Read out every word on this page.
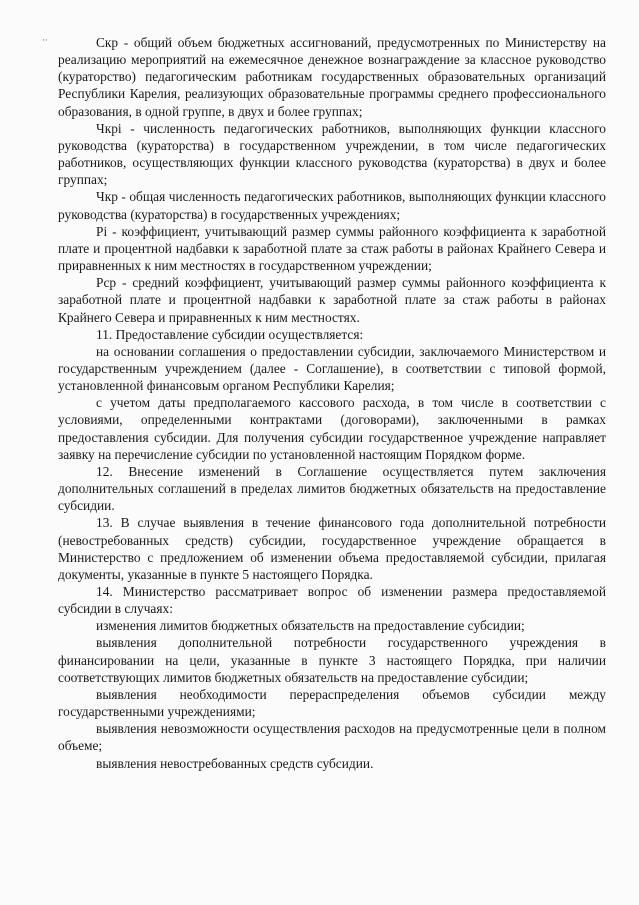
··	Скр - общий объем бюджетных ассигнований, предусмотренных по Министерству на реализацию мероприятий на ежемесячное денежное вознаграждение за классное руководство (кураторство) педагогическим работникам государственных образовательных организаций Республики Карелия, реализующих образовательные программы среднего профессионального образования, в одной группе, в двух и более группах;

Чкрі - численность педагогических работников, выполняющих функции классного руководства (кураторства) в государственном учреждении, в том числе педагогических работников, осуществляющих функции классного руководства (кураторства) в двух и более группах;

Чкр - общая численность педагогических работников, выполняющих функции классного руководства (кураторства) в государственных учреждениях;

Рі - коэффициент, учитывающий размер суммы районного коэффициента к заработной плате и процентной надбавки к заработной плате за стаж работы в районах Крайнего Севера и приравненных к ним местностях в государственном учреждении;

Рср - средний коэффициент, учитывающий размер суммы районного коэффициента к заработной плате и процентной надбавки к заработной плате за стаж работы в районах Крайнего Севера и приравненных к ним местностях.

11. Предоставление субсидии осуществляется:

на основании соглашения о предоставлении субсидии, заключаемого Министерством и государственным учреждением (далее - Соглашение), в соответствии с типовой формой, установленной финансовым органом Республики Карелия;

с учетом даты предполагаемого кассового расхода, в том числе в соответствии с условиями, определенными контрактами (договорами), заключенными в рамках предоставления субсидии. Для получения субсидии государственное учреждение направляет заявку на перечисление субсидии по установленной настоящим Порядком форме.

12. Внесение изменений в Соглашение осуществляется путем заключения дополнительных соглашений в пределах лимитов бюджетных обязательств на предоставление субсидии.

13. В случае выявления в течение финансового года дополнительной потребности (невостребованных средств) субсидии, государственное учреждение обращается в Министерство с предложением об изменении объема предоставляемой субсидии, прилагая документы, указанные в пункте 5 настоящего Порядка.

14. Министерство рассматривает вопрос об изменении размера предоставляемой субсидии в случаях:

изменения лимитов бюджетных обязательств на предоставление субсидии;

выявления дополнительной потребности государственного учреждения в финансировании на цели, указанные в пункте 3 настоящего Порядка, при наличии соответствующих лимитов бюджетных обязательств на предоставление субсидии;

выявления необходимости перераспределения объемов субсидии между государственными учреждениями;

выявления невозможности осуществления расходов на предусмотренные цели в полном объеме;

выявления невостребованных средств субсидии.
